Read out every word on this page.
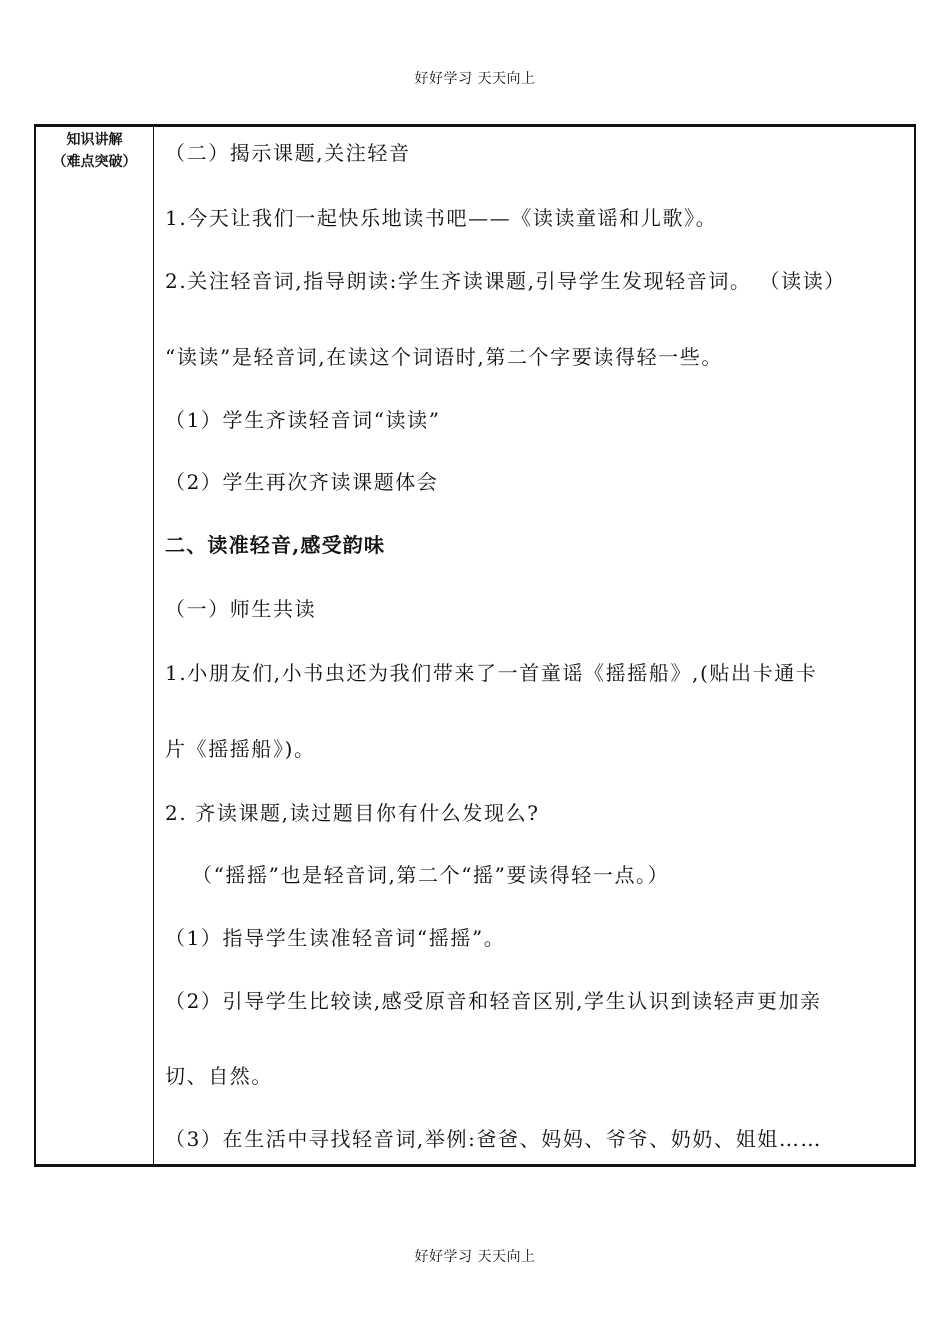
好好学习 天天向上
知识讲解
（难点突破）	（二）揭示课题,关注轻音
1.今天让我们一起快乐地读书吧——《读读童谣和儿歌》。
2.关注轻音词,指导朗读:学生齐读课题,引导学生发现轻音词。 （读读）
“读读”是轻音词,在读这个词语时,第二个字要读得轻一些。
（1）学生齐读轻音词“读读”
（2）学生再次齐读课题体会
二、读准轻音,感受韵味
（一）师生共读
1.小朋友们,小书虫还为我们带来了一首童谣《摇摇船》,(贴出卡通卡
片《摇摇船》)。
2. 齐读课题,读过题目你有什么发现么?
（“摇摇”也是轻音词,第二个“摇”要读得轻一点。）
（1）指导学生读准轻音词“摇摇”。
（2）引导学生比较读,感受原音和轻音区别,学生认识到读轻声更加亲
切、自然。
（3）在生活中寻找轻音词,举例:爸爸、妈妈、爷爷、奶奶、姐姐……
好好学习 天天向上
